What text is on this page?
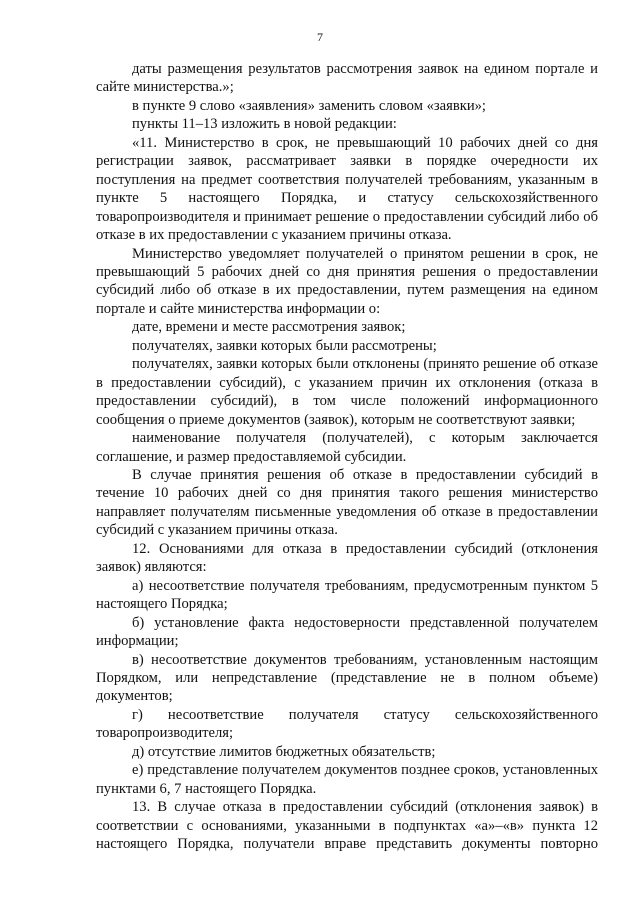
7

даты размещения результатов рассмотрения заявок на едином портале и сайте министерства.»;

в пункте 9 слово «заявления» заменить словом «заявки»;

пункты 11–13 изложить в новой редакции:

«11. Министерство в срок, не превышающий 10 рабочих дней со дня регистрации заявок, рассматривает заявки в порядке очередности их поступления на предмет соответствия получателей требованиям, указанным в пункте 5 настоящего Порядка, и статусу сельскохозяйственного товаропроизводителя и принимает решение о предоставлении субсидий либо об отказе в их предоставлении с указанием причины отказа.

Министерство уведомляет получателей о принятом решении в срок, не превышающий 5 рабочих дней со дня принятия решения о предоставлении субсидий либо об отказе в их предоставлении, путем размещения на едином портале и сайте министерства информации о:

дате, времени и месте рассмотрения заявок;

получателях, заявки которых были рассмотрены;

получателях, заявки которых были отклонены (принято решение об отказе в предоставлении субсидий), с указанием причин их отклонения (отказа в предоставлении субсидий), в том числе положений информационного сообщения о приеме документов (заявок), которым не соответствуют заявки;

наименование получателя (получателей), с которым заключается соглашение, и размер предоставляемой субсидии.

В случае принятия решения об отказе в предоставлении субсидий в течение 10 рабочих дней со дня принятия такого решения министерство направляет получателям письменные уведомления об отказе в предоставлении субсидий с указанием причины отказа.

12. Основаниями для отказа в предоставлении субсидий (отклонения заявок) являются:

а) несоответствие получателя требованиям, предусмотренным пунктом 5 настоящего Порядка;

б) установление факта недостоверности представленной получателем информации;

в) несоответствие документов требованиям, установленным настоящим Порядком, или непредставление (представление не в полном объеме) документов;

г) несоответствие получателя статусу сельскохозяйственного товаропроизводителя;

д) отсутствие лимитов бюджетных обязательств;

е) представление получателем документов позднее сроков, установленных пунктами 6, 7 настоящего Порядка.

13. В случае отказа в предоставлении субсидий (отклонения заявок) в соответствии с основаниями, указанными в подпунктах «а»–«в» пункта 12 настоящего Порядка, получатели вправе представить документы повторно
